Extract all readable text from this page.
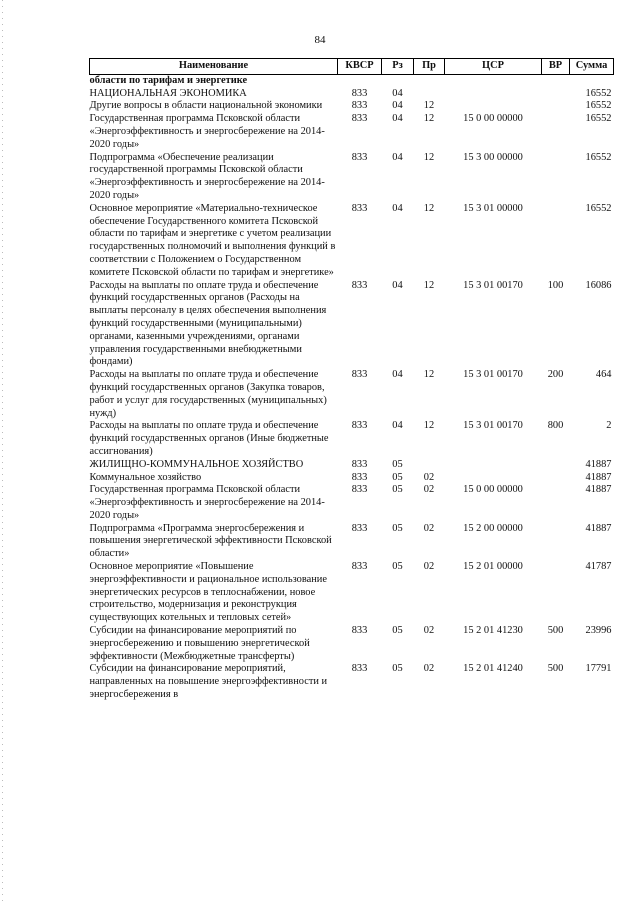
84
Наименование	КВСР	Рз	Пр	ЦСР	ВР	Сумма
области по тарифам и энергетике						
НАЦИОНАЛЬНАЯ ЭКОНОМИКА	833	04				16552
Другие вопросы в области национальной экономики	833	04	12			16552
Государственная программа Псковской области «Энергоэффективность и энергосбережение на 2014-2020 годы»	833	04	12	15 0 00 00000		16552
Подпрограмма «Обеспечение реализации государственной программы Псковской области «Энергоэффективность и энергосбережение на 2014-2020 годы»	833	04	12	15 3 00 00000		16552
Основное мероприятие «Материально-техническое обеспечение Государственного комитета Псковской области по тарифам и энергетике с учетом реализации государственных полномочий и выполнения функций в соответствии с Положением о Государственном комитете Псковской области по тарифам и энергетике»	833	04	12	15 3 01 00000		16552
Расходы на выплаты по оплате труда и обеспечение функций государственных органов (Расходы на выплаты персоналу в целях обеспечения выполнения функций государственными (муниципальными) органами, казенными учреждениями, органами управления государственными внебюджетными фондами)	833	04	12	15 3 01 00170	100	16086
Расходы на выплаты по оплате труда и обеспечение функций государственных органов (Закупка товаров, работ и услуг для государственных (муниципальных) нужд)	833	04	12	15 3 01 00170	200	464
Расходы на выплаты по оплате труда и обеспечение функций государственных органов (Иные бюджетные ассигнования)	833	04	12	15 3 01 00170	800	2
ЖИЛИЩНО-КОММУНАЛЬНОЕ ХОЗЯЙСТВО	833	05				41887
Коммунальное хозяйство	833	05	02			41887
Государственная программа Псковской области «Энергоэффективность и энергосбережение на 2014-2020 годы»	833	05	02	15 0 00 00000		41887
Подпрограмма «Программа энергосбережения и повышения энергетической эффективности Псковской области»	833	05	02	15 2 00 00000		41887
Основное мероприятие «Повышение энергоэффективности и рациональное использование энергетических ресурсов в теплоснабжении, новое строительство, модернизация и реконструкция существующих котельных и тепловых сетей»	833	05	02	15 2 01 00000		41787
Субсидии на финансирование мероприятий по энергосбережению и повышению энергетической эффективности (Межбюджетные трансферты)	833	05	02	15 2 01 41230	500	23996
Субсидии на финансирование мероприятий, направленных на повышение энергоэффективности и энергосбережения в	833	05	02	15 2 01 41240	500	17791
